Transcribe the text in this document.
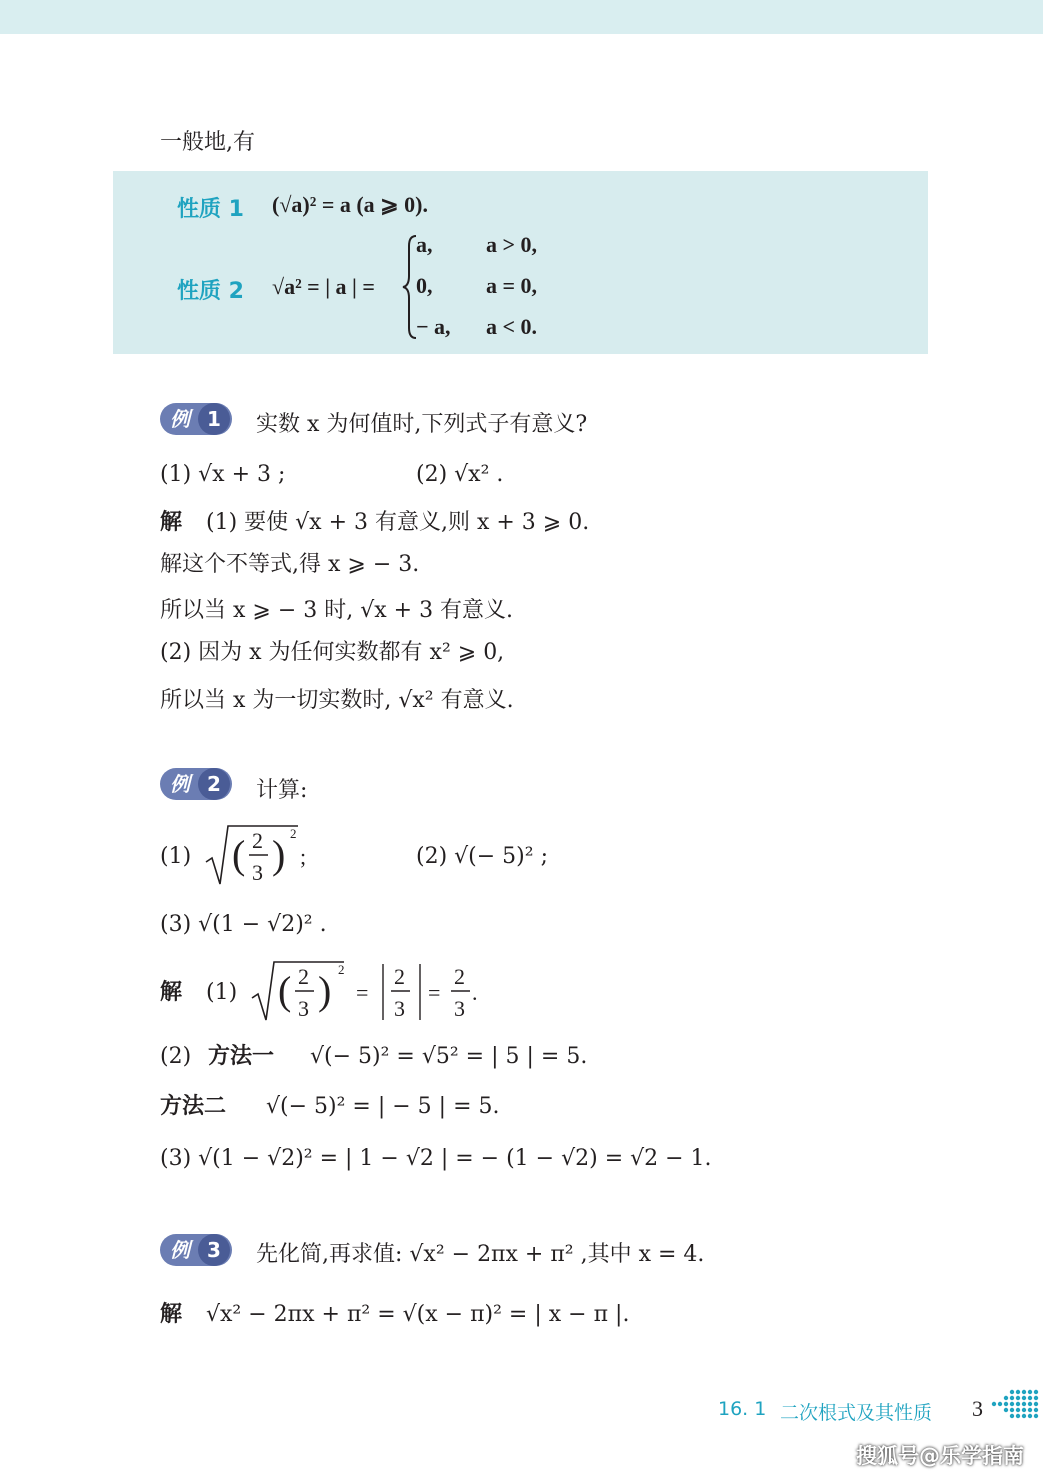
一般地,有
性质 1 (√a)² = a (a ⩾ 0).
性质 2 √a² = | a | =
a, a > 0,
0, a = 0,
− a, a < 0.
例 1	实数 x 为何值时,下列式子有意义?
(1) √x + 3 ;	(2) √x² .
解 (1) 要使 √x + 3 有意义,则 x + 3 ⩾ 0.
解这个不等式,得 x ⩾ − 3.
所以当 x ⩾ − 3 时, √x + 3 有意义.
(2) 因为 x 为任何实数都有 x² ⩾ 0,
所以当 x 为一切实数时, √x² 有意义.
例 2	计算:
(1) ( 2
3 ) 2
;	(2) √(− 5)² ;
(3) √(1 − √2)² .
解 (1) ( 2
3 ) 2
=
2
3
=
2
3
.
(2) 方法一 √(− 5)² = √5² = | 5 | = 5.
方法二 √(− 5)² = | − 5 | = 5.
(3) √(1 − √2)² = | 1 − √2 | = − (1 − √2) = √2 − 1.
例 3	先化简,再求值: √x² − 2πx + π² ,其中 x = 4.
解 √x² − 2πx + π² = √(x − π)² = | x − π |.
16. 1 二次根式及其性质 3
搜狐号@乐学指南
